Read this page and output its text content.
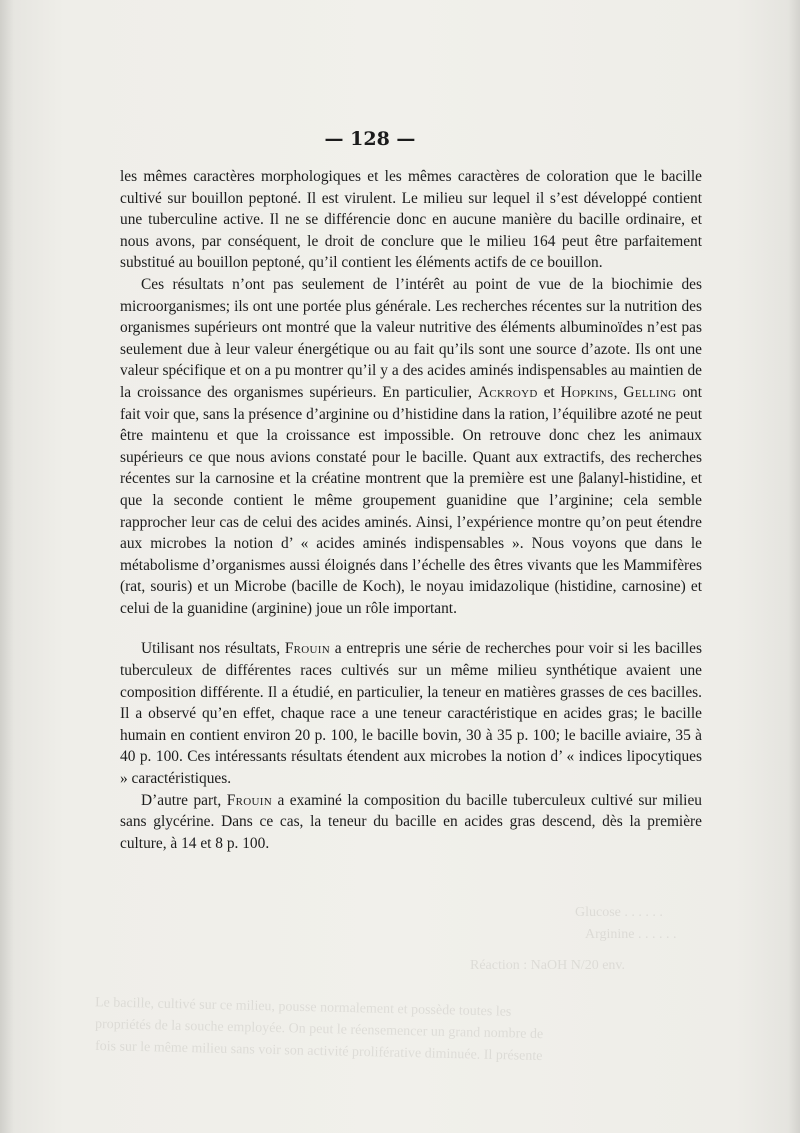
Glucose . . . . . .
Arginine . . . . . .
Réaction : NaOH N/20 env.
Le bacille, cultivé sur ce milieu, pousse normalement et possède toutes les
propriétés de la souche employée. On peut le réensemencer un grand nombre de
fois sur le même milieu sans voir son activité proliférative diminuée. Il présente
— 128 —

les mêmes caractères morphologiques et les mêmes caractères de coloration que le bacille cultivé sur bouillon peptoné. Il est virulent. Le milieu sur lequel il s’est développé contient une tuberculine active. Il ne se différencie donc en aucune manière du bacille ordinaire, et nous avons, par conséquent, le droit de conclure que le milieu 164 peut être parfaitement substitué au bouillon peptoné, qu’il contient les éléments actifs de ce bouillon.

Ces résultats n’ont pas seulement de l’intérêt au point de vue de la biochimie des microorganismes; ils ont une portée plus générale. Les recherches récentes sur la nutrition des organismes supérieurs ont montré que la valeur nutritive des éléments albuminoïdes n’est pas seulement due à leur valeur énergétique ou au fait qu’ils sont une source d’azote. Ils ont une valeur spécifique et on a pu montrer qu’il y a des acides aminés indispensables au maintien de la croissance des organismes supérieurs. En particulier, Ackroyd et Hopkins, Gelling ont fait voir que, sans la présence d’arginine ou d’histidine dans la ration, l’équilibre azoté ne peut être maintenu et que la croissance est impossible. On retrouve donc chez les animaux supérieurs ce que nous avions constaté pour le bacille. Quant aux extractifs, des recherches récentes sur la carnosine et la créatine montrent que la première est une βalanyl-histidine, et que la seconde contient le même groupement guanidine que l’arginine; cela semble rapprocher leur cas de celui des acides aminés. Ainsi, l’expérience montre qu’on peut étendre aux microbes la notion d’ « acides aminés indispensables ». Nous voyons que dans le métabolisme d’organismes aussi éloignés dans l’échelle des êtres vivants que les Mammifères (rat, souris) et un Microbe (bacille de Koch), le noyau imidazolique (histidine, carnosine) et celui de la guanidine (arginine) joue un rôle important.

Utilisant nos résultats, Frouin a entrepris une série de recherches pour voir si les bacilles tuberculeux de différentes races cultivés sur un même milieu synthétique avaient une composition différente. Il a étudié, en particulier, la teneur en matières grasses de ces bacilles. Il a observé qu’en effet, chaque race a une teneur caractéristique en acides gras; le bacille humain en contient environ 20 p. 100, le bacille bovin, 30 à 35 p. 100; le bacille aviaire, 35 à 40 p. 100. Ces intéressants résultats étendent aux microbes la notion d’ « indices lipocytiques » caractéristiques.

D’autre part, Frouin a examiné la composition du bacille tuberculeux cultivé sur milieu sans glycérine. Dans ce cas, la teneur du bacille en acides gras descend, dès la première culture, à 14 et 8 p. 100.
